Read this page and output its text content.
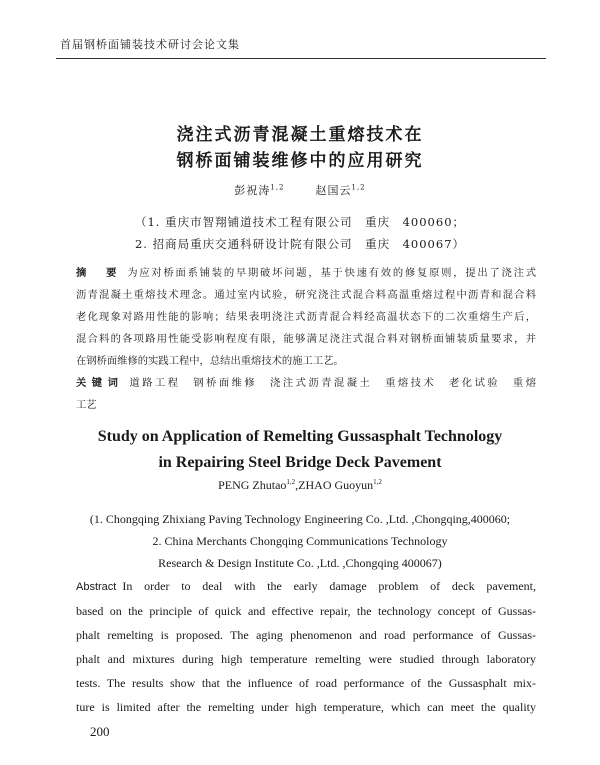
首届钢桥面铺装技术研讨会论文集
浇注式沥青混凝土重熔技术在
钢桥面铺装维修中的应用研究
彭祝涛$^{1,2}$	赵国云$^{1,2}$
（1. 重庆市智翔铺道技术工程有限公司　重庆　400060；
2. 招商局重庆交通科研设计院有限公司　重庆　400067）

摘　要 为应对桥面系铺装的早期破坏问题，基于快速有效的修复原则，提出了浇注式

沥青混凝土重熔技术理念。通过室内试验，研究浇注式混合料高温重熔过程中沥青和混合料

老化现象对路用性能的影响；结果表明浇注式沥青混合料经高温状态下的二次重熔生产后，

混合料的各项路用性能受影响程度有限，能够满足浇注式混合料对钢桥面铺装质量要求，并

在钢桥面维修的实践工程中，总结出重熔技术的施工工艺。

关键词 道路工程　钢桥面维修　浇注式沥青混凝土　重熔技术　老化试验　重熔

工艺

Study on Application of Remelting Gussasphalt Technology
in Repairing Steel Bridge Deck Pavement
PENG Zhutao$^{1,2}$,ZHAO Guoyun$^{1,2}$
(1. Chongqing Zhixiang Paving Technology Engineering Co. ,Ltd. ,Chongqing,400060;
2. China Merchants Chongqing Communications Technology
Research & Design Institute Co. ,Ltd. ,Chongqing 400067)

Abstract In order to deal with the early damage problem of deck pavement,

based on the principle of quick and effective repair, the technology concept of Gussas-

phalt remelting is proposed. The aging phenomenon and road performance of Gussas-

phalt and mixtures during high temperature remelting were studied through laboratory

tests. The results show that the influence of road performance of the Gussasphalt mix-

ture is limited after the remelting under high temperature, which can meet the quality

200
